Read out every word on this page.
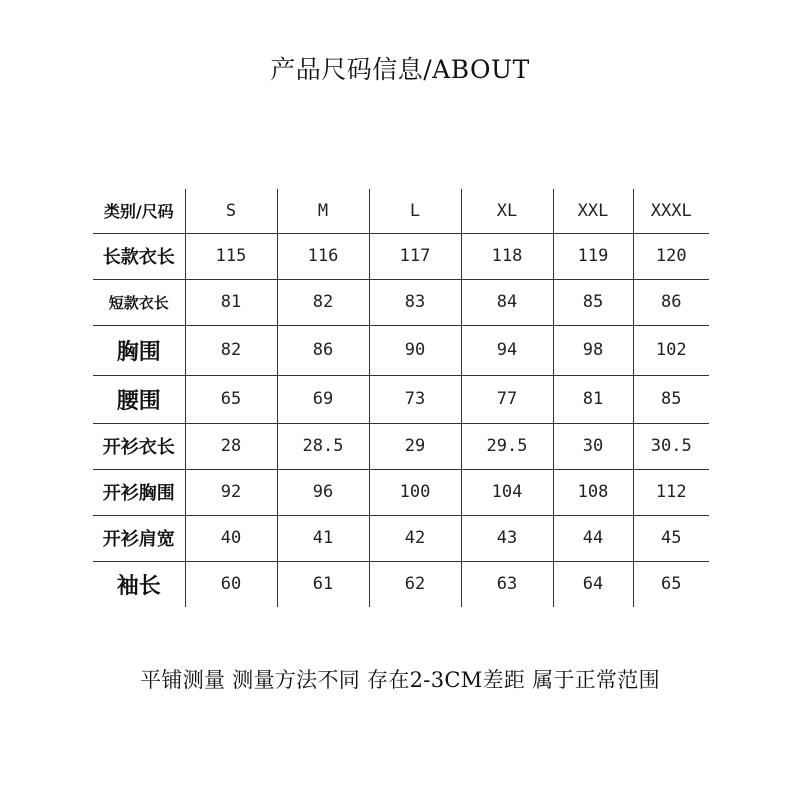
产品尺码信息/ABOUT
类别/尺码	S	M	L	XL	XXL	XXXL
长款衣长	115	116	117	118	119	120
短款衣长	81	82	83	84	85	86
胸围	82	86	90	94	98	102
腰围	65	69	73	77	81	85
开衫衣长	28	28.5	29	29.5	30	30.5
开衫胸围	92	96	100	104	108	112
开衫肩宽	40	41	42	43	44	45
袖长	60	61	62	63	64	65
平铺测量 测量方法不同 存在2-3CM差距 属于正常范围
